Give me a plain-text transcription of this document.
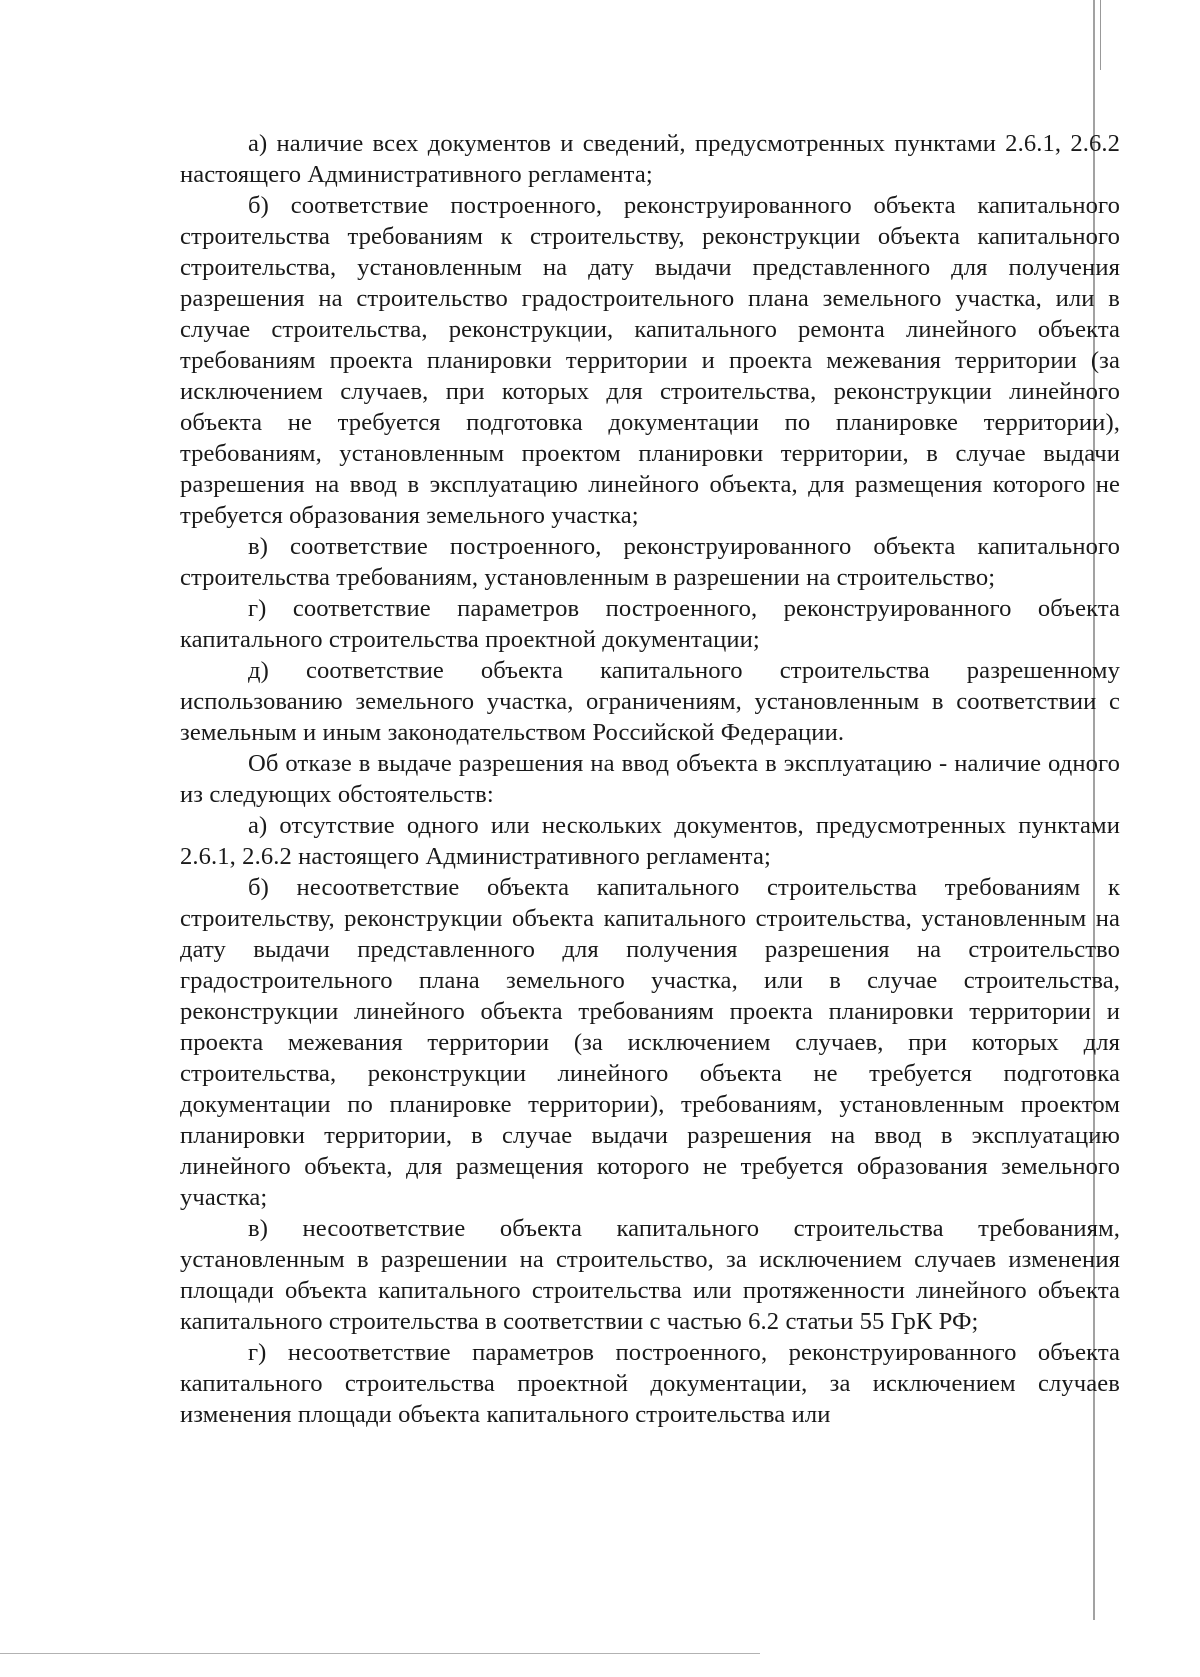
а) наличие всех документов и сведений, предусмотренных пунктами 2.6.1, 2.6.2 настоящего Административного регламента;

б) соответствие построенного, реконструированного объекта капитального строительства требованиям к строительству, реконструкции объекта капитального строительства, установленным на дату выдачи представленного для получения разрешения на строительство градостроительного плана земельного участка, или в случае строительства, реконструкции, капитального ремонта линейного объекта требованиям проекта планировки территории и проекта межевания территории (за исключением случаев, при которых для строительства, реконструкции линейного объекта не требуется подготовка документации по планировке территории), требованиям, установленным проектом планировки территории, в случае выдачи разрешения на ввод в эксплуатацию линейного объекта, для размещения которого не требуется образования земельного участка;

в) соответствие построенного, реконструированного объекта капитального строительства требованиям, установленным в разрешении на строительство;

г) соответствие параметров построенного, реконструированного объекта капитального строительства проектной документации;

д) соответствие объекта капитального строительства разрешенному использованию земельного участка, ограничениям, установленным в соответствии с земельным и иным законодательством Российской Федерации.

Об отказе в выдаче разрешения на ввод объекта в эксплуатацию - наличие одного из следующих обстоятельств:

а) отсутствие одного или нескольких документов, предусмотренных пунктами 2.6.1, 2.6.2 настоящего Административного регламента;

б) несоответствие объекта капитального строительства требованиям к строительству, реконструкции объекта капитального строительства, установленным на дату выдачи представленного для получения разрешения на строительство градостроительного плана земельного участка, или в случае строительства, реконструкции линейного объекта требованиям проекта планировки территории и проекта межевания территории (за исключением случаев, при которых для строительства, реконструкции линейного объекта не требуется подготовка документации по планировке территории), требованиям, установленным проектом планировки территории, в случае выдачи разрешения на ввод в эксплуатацию линейного объекта, для размещения которого не требуется образования земельного участка;

в) несоответствие объекта капитального строительства требованиям, установленным в разрешении на строительство, за исключением случаев изменения площади объекта капитального строительства или протяженности линейного объекта капитального строительства в соответствии с частью 6.2 статьи 55 ГрК РФ;

г) несоответствие параметров построенного, реконструированного объекта капитального строительства проектной документации, за исключением случаев изменения площади объекта капитального строительства или
